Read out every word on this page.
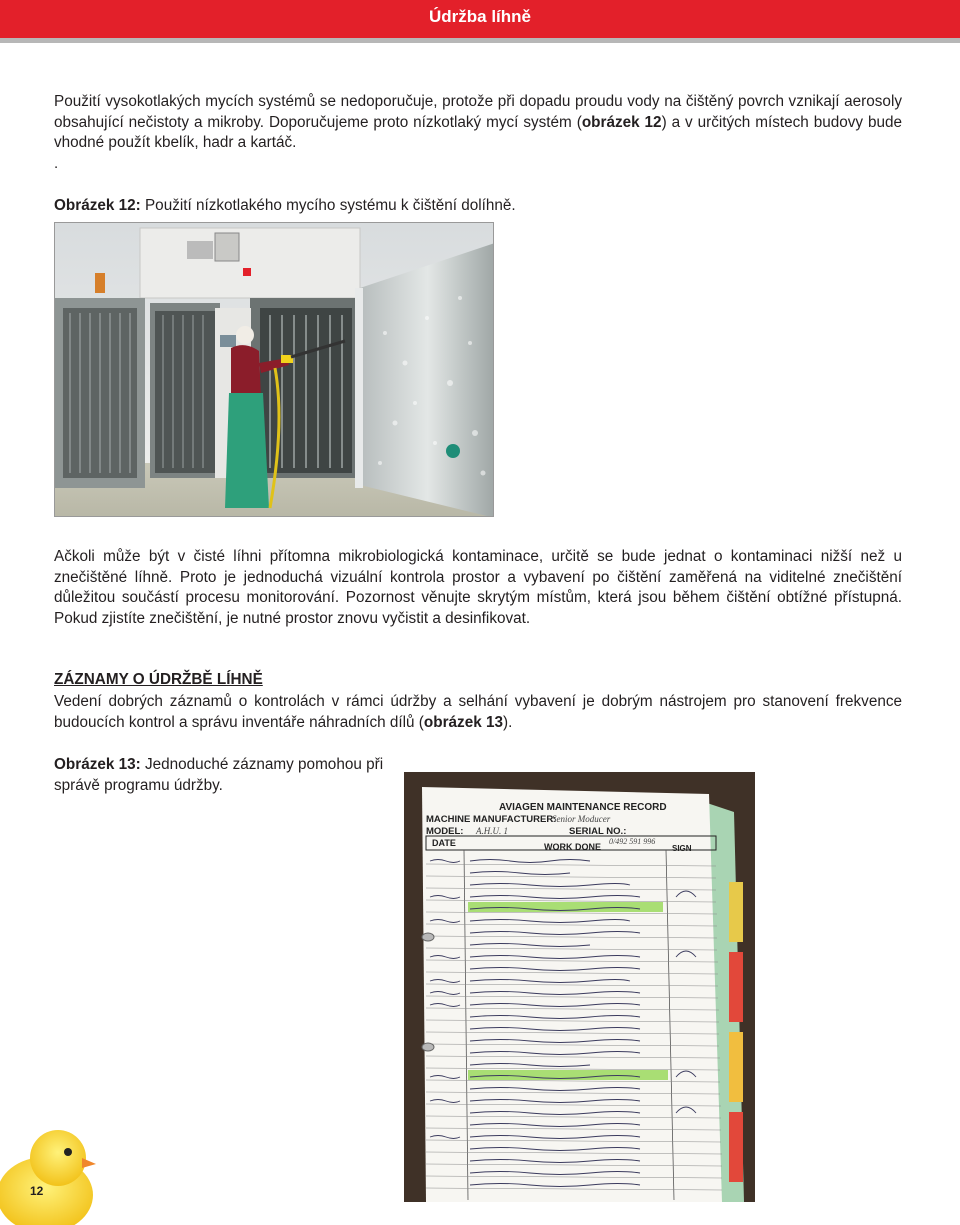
Údržba líhně

Použití vysokotlakých mycích systémů se nedoporučuje, protože při dopadu proudu vody na čištěný povrch vznikají aerosoly obsahující nečistoty a mikroby. Doporučujeme proto nízkotlaký mycí systém (obrázek 12) a v určitých místech budovy bude vhodné použít kbelík, hadr a kartáč.

.

Obrázek 12: Použití nízkotlakého mycího systému k čištění dolíhně.

Ačkoli může být v čisté líhni přítomna mikrobiologická kontaminace, určitě se bude jednat o kontaminaci nižší než u znečištěné líhně. Proto je jednoduchá vizuální kontrola prostor a vybavení po čištění zaměřená na viditelné znečištění důležitou součástí procesu monitorování. Pozornost věnujte skrytým místům, která jsou během čištění obtížné přístupná. Pokud zjistíte znečištění, je nutné prostor znovu vyčistit a desinfikovat.

ZÁZNAMY O ÚDRŽBĚ LÍHNĚ

Vedení dobrých záznamů o kontrolách v rámci údržby a selhání vybavení je dobrým nástrojem pro stanovení frekvence budoucích kontrol a správu inventáře náhradních dílů (obrázek 13).

Obrázek 13: Jednoduché záznamy pomohou při správě programu údržby.

AVIAGEN MAINTENANCE RECORD
MACHINE MANUFACTURER:
Senior Moducer
MODEL: A.H.U. 1	SERIAL NO.:
0/492 591 996
DATE	WORK DONE	SIGN
12
